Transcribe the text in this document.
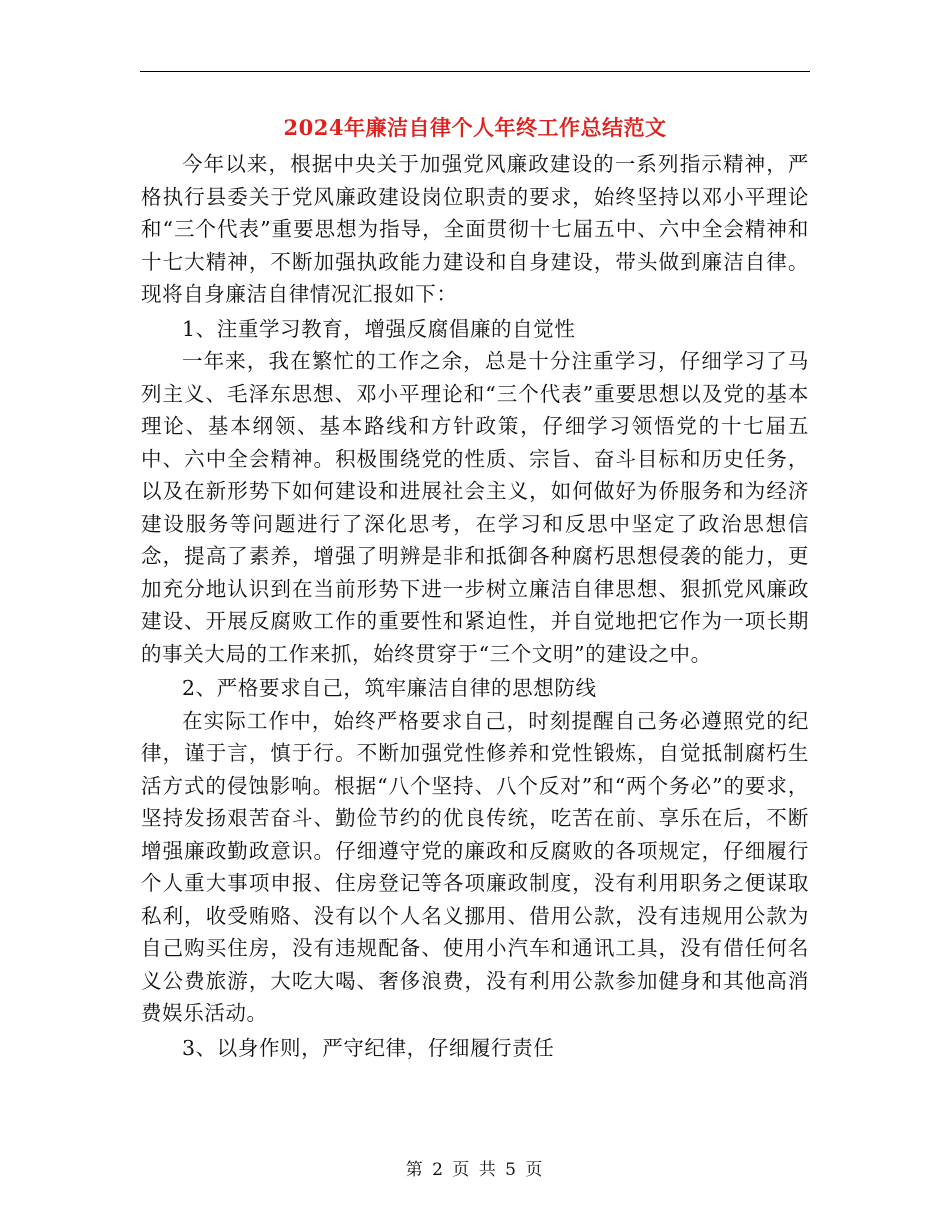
2024年廉洁自律个人年终工作总结范文

今年以来，根据中央关于加强党风廉政建设的一系列指示精神，严格执行县委关于党风廉政建设岗位职责的要求，始终坚持以邓小平理论和“三个代表”重要思想为指导，全面贯彻十七届五中、六中全会精神和十七大精神，不断加强执政能力建设和自身建设，带头做到廉洁自律。现将自身廉洁自律情况汇报如下：

1、注重学习教育，增强反腐倡廉的自觉性

一年来，我在繁忙的工作之余，总是十分注重学习，仔细学习了马列主义、毛泽东思想、邓小平理论和“三个代表”重要思想以及党的基本理论、基本纲领、基本路线和方针政策，仔细学习领悟党的十七届五中、六中全会精神。积极围绕党的性质、宗旨、奋斗目标和历史任务，以及在新形势下如何建设和进展社会主义，如何做好为侨服务和为经济建设服务等问题进行了深化思考，在学习和反思中坚定了政治思想信念，提高了素养，增强了明辨是非和抵御各种腐朽思想侵袭的能力，更加充分地认识到在当前形势下进一步树立廉洁自律思想、狠抓党风廉政建设、开展反腐败工作的重要性和紧迫性，并自觉地把它作为一项长期的事关大局的工作来抓，始终贯穿于“三个文明”的建设之中。

2、严格要求自己，筑牢廉洁自律的思想防线

在实际工作中，始终严格要求自己，时刻提醒自己务必遵照党的纪律，谨于言，慎于行。不断加强党性修养和党性锻炼，自觉抵制腐朽生活方式的侵蚀影响。根据“八个坚持、八个反对”和“两个务必”的要求，坚持发扬艰苦奋斗、勤俭节约的优良传统，吃苦在前、享乐在后，不断增强廉政勤政意识。仔细遵守党的廉政和反腐败的各项规定，仔细履行个人重大事项申报、住房登记等各项廉政制度，没有利用职务之便谋取私利，收受贿赂、没有以个人名义挪用、借用公款，没有违规用公款为自己购买住房，没有违规配备、使用小汽车和通讯工具，没有借任何名义公费旅游，大吃大喝、奢侈浪费，没有利用公款参加健身和其他高消费娱乐活动。

3、以身作则，严守纪律，仔细履行责任

第 2 页 共 5 页
